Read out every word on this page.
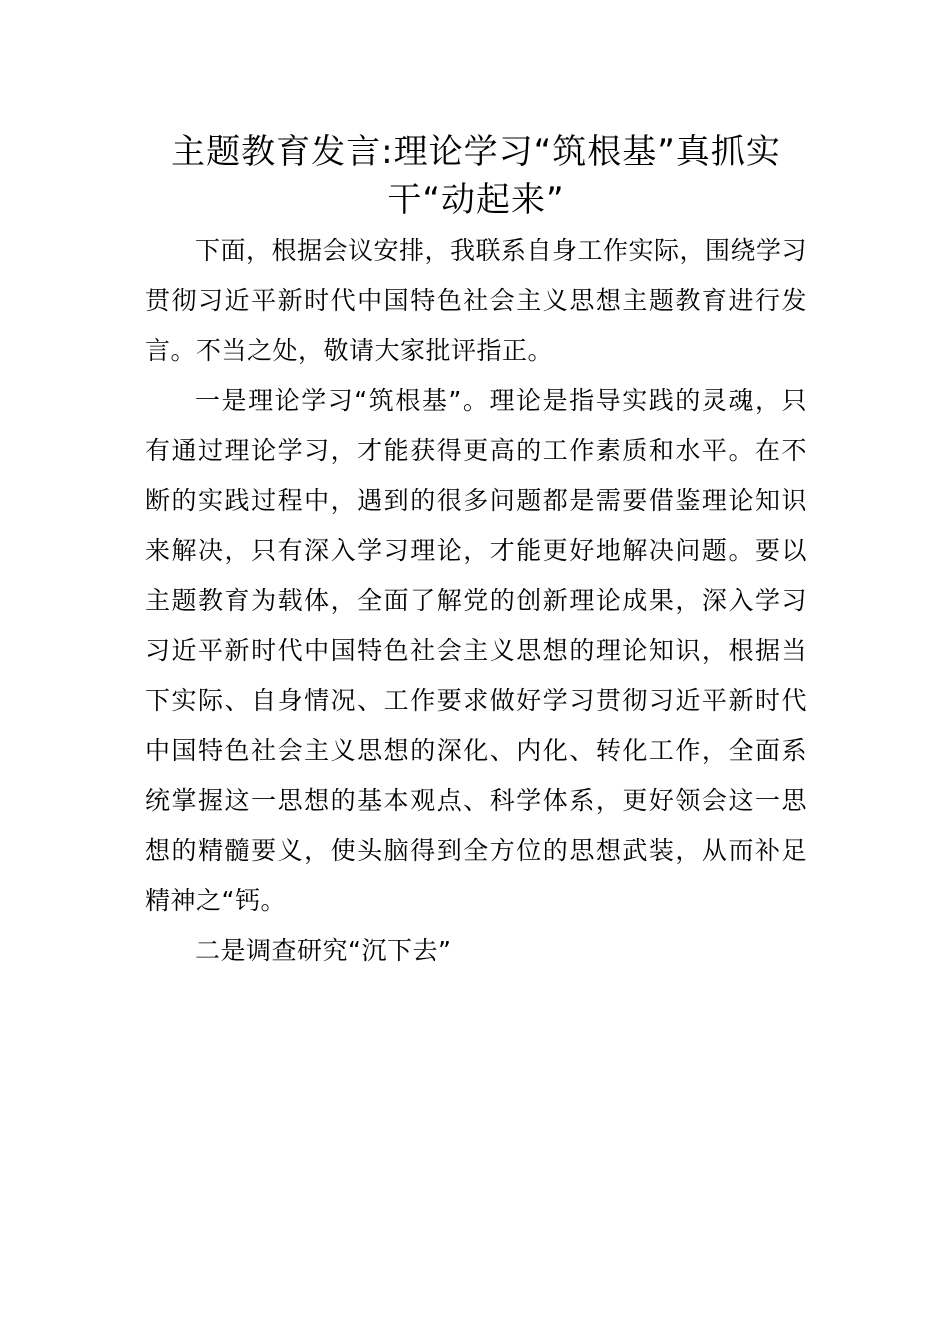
主题教育发言:理论学习“筑根基”真抓实
干“动起来”

下面，根据会议安排，我联系自身工作实际，围绕学习贯彻习近平新时代中国特色社会主义思想主题教育进行发言。不当之处，敬请大家批评指正。

一是理论学习“筑根基”。理论是指导实践的灵魂，只有通过理论学习，才能获得更高的工作素质和水平。在不断的实践过程中，遇到的很多问题都是需要借鉴理论知识来解决，只有深入学习理论，才能更好地解决问题。要以主题教育为载体，全面了解党的创新理论成果，深入学习习近平新时代中国特色社会主义思想的理论知识，根据当下实际、自身情况、工作要求做好学习贯彻习近平新时代中国特色社会主义思想的深化、内化、转化工作，全面系统掌握这一思想的基本观点、科学体系，更好领会这一思想的精髓要义，使头脑得到全方位的思想武装，从而补足精神之“钙。

二是调查研究“沉下去”
